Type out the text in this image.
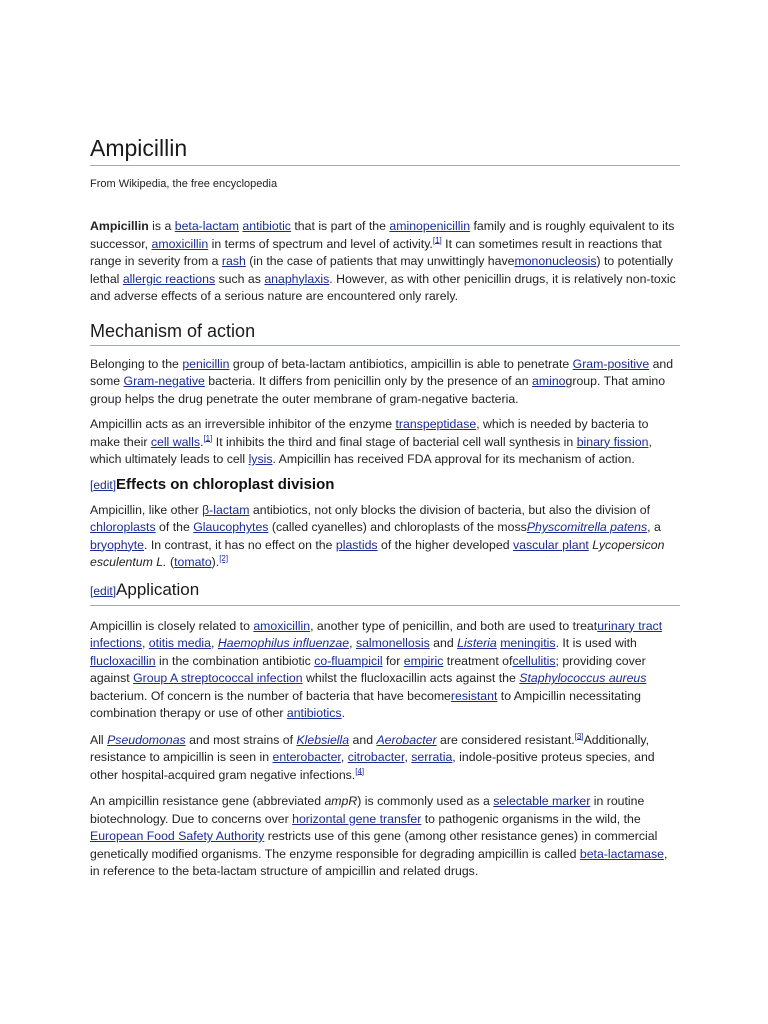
Ampicillin
From Wikipedia, the free encyclopedia

Ampicillin is a beta-lactam antibiotic that is part of the aminopenicillin family and is roughly equivalent to its successor, amoxicillin in terms of spectrum and level of activity.[1] It can sometimes result in reactions that range in severity from a rash (in the case of patients that may unwittingly havemononucleosis) to potentially lethal allergic reactions such as anaphylaxis. However, as with other penicillin drugs, it is relatively non-toxic and adverse effects of a serious nature are encountered only rarely.

Mechanism of action

Belonging to the penicillin group of beta-lactam antibiotics, ampicillin is able to penetrate Gram-positive and some Gram-negative bacteria. It differs from penicillin only by the presence of an aminogroup. That amino group helps the drug penetrate the outer membrane of gram-negative bacteria.

Ampicillin acts as an irreversible inhibitor of the enzyme transpeptidase, which is needed by bacteria to make their cell walls.[1] It inhibits the third and final stage of bacterial cell wall synthesis in binary fission, which ultimately leads to cell lysis. Ampicillin has received FDA approval for its mechanism of action.

[edit]Effects on chloroplast division

Ampicillin, like other β-lactam antibiotics, not only blocks the division of bacteria, but also the division of chloroplasts of the Glaucophytes (called cyanelles) and chloroplasts of the mossPhyscomitrella patens, a bryophyte. In contrast, it has no effect on the plastids of the higher developed vascular plant Lycopersicon esculentum L. (tomato).[2]

[edit]Application

Ampicillin is closely related to amoxicillin, another type of penicillin, and both are used to treaturinary tract infections, otitis media, Haemophilus influenzae, salmonellosis and Listeria meningitis. It is used with flucloxacillin in the combination antibiotic co-fluampicil for empiric treatment ofcellulitis; providing cover against Group A streptococcal infection whilst the flucloxacillin acts against the Staphylococcus aureus bacterium. Of concern is the number of bacteria that have becomeresistant to Ampicillin necessitating combination therapy or use of other antibiotics.

All Pseudomonas and most strains of Klebsiella and Aerobacter are considered resistant.[3]Additionally, resistance to ampicillin is seen in enterobacter, citrobacter, serratia, indole-positive proteus species, and other hospital-acquired gram negative infections.[4]

An ampicillin resistance gene (abbreviated ampR) is commonly used as a selectable marker in routine biotechnology. Due to concerns over horizontal gene transfer to pathogenic organisms in the wild, the European Food Safety Authority restricts use of this gene (among other resistance genes) in commercial genetically modified organisms. The enzyme responsible for degrading ampicillin is called beta-lactamase, in reference to the beta-lactam structure of ampicillin and related drugs.
